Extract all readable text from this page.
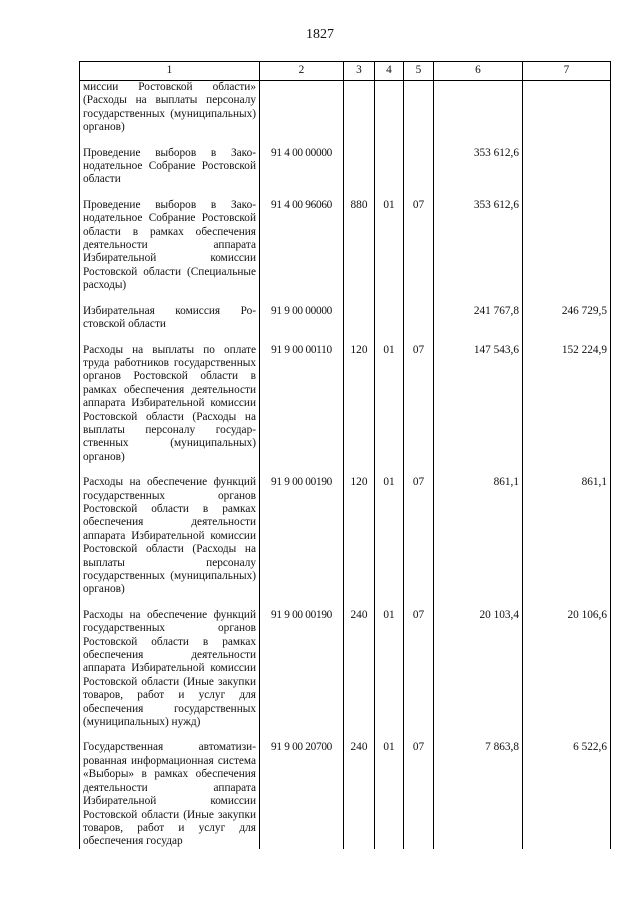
1827
1	2	3	4	5	6	7
миссии Ростовской области» (Расходы на выплаты персоналу государственных (муниципальных) органов)						

Проведение выборов в Законодательное Собрание Ростовской области	91 4 00 00000				353 612,6	

Проведение выборов в Законодательное Собрание Ростовской области в рамках обеспечения деятельности аппарата Избирательной комиссии Ростовской области (Специальные расходы)	91 4 00 96060	880	01	07	353 612,6	

Избирательная комиссия Ростовской области	91 9 00 00000				241 767,8	246 729,5

Расходы на выплаты по оплате труда работников государственных органов Ростовской области в рамках обеспечения деятельности аппарата Избирательной комиссии Ростовской области (Расходы на выплаты персоналу государственных (муниципальных) органов)	91 9 00 00110	120	01	07	147 543,6	152 224,9

Расходы на обеспечение функций государственных органов Ростовской области в рамках обеспечения деятельности аппарата Избирательной комиссии Ростовской области (Расходы на выплаты персоналу государственных (муниципальных) органов)	91 9 00 00190	120	01	07	861,1	861,1

Расходы на обеспечение функций государственных органов Ростовской области в рамках обеспечения деятельности аппарата Избирательной комиссии Ростовской области (Иные закупки товаров, работ и услуг для обеспечения государственных (муниципальных) нужд)	91 9 00 00190	240	01	07	20 103,4	20 106,6

Государственная автоматизированная информационная система «Выборы» в рамках обеспечения деятельности аппарата Избирательной комиссии Ростовской области (Иные закупки товаров, работ и услуг для обеспечения государ	91 9 00 20700	240	01	07	7 863,8	6 522,6
